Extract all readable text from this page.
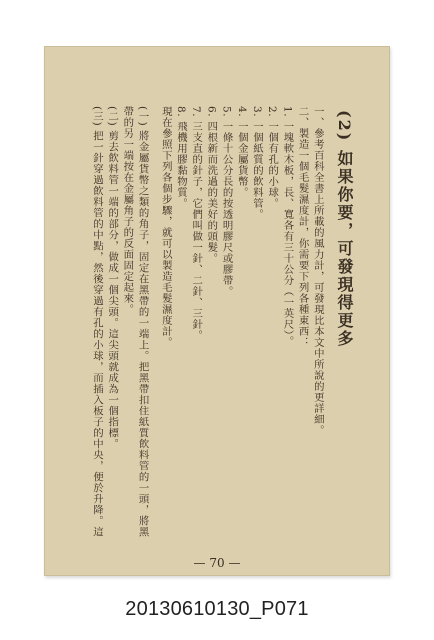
(2) 如果你要，可發現得更多
一、參考百科全書上所載的風力計，可發現比本文中所說的更詳細。
二、製造一個毛髮濕度計，你需要下列各種東西：
1. 一塊軟木板，長、寬各有三十公分（一英尺）。
2. 一個有孔的小球。
3. 一個紙質的飲料管。
4. 一個金屬貨幣。
5. 一條十公分長的按透明膠尺或膠帶。
6. 四根新而洗過的美好的頭髮。
7. 三支直的針子，它們叫做一針、二針、三針。
8. 飛機用膠黏物質。
現在參照下列各個步驟，就可以製造毛髮濕度計。
(一) 將金屬貨幣之類的角子，固定在黑帶的一端上。把黑帶扣住紙質飲料管的一頭，將黑
帶的另一端按在金屬角子的反面固定起來。
(二) 剪去飲料管一端的部分，做成一個尖頭。這尖頭就成為一個指標。
(三) 把一針穿過飲料管的中點，然後穿過有孔的小球，而插入板子的中央，便於升降。這
— 70 —
20130610130_P071
